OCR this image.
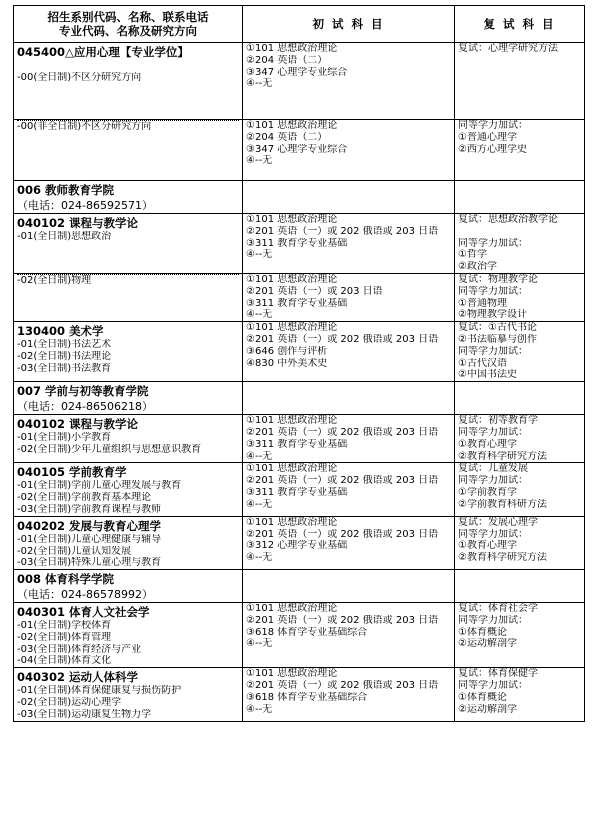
招生系别代码、名称、联系电话
专业代码、名称及研究方向	初 试 科 目	复 试 科 目

045400△应用心理【专业学位】

-00(全日制)不区分研究方向	①101 思想政治理论
②204 英语（二）
③347 心理学专业综合
④--无	复试：心理学研究方法

-00(非全日制)不区分研究方向	①101 思想政治理论
②204 英语（二）
③347 心理学专业综合
④--无	同等学力加试：
①普通心理学
②西方心理学史

006 教师教育学院
（电话：024-86592571）		

040102 课程与教学论
-01(全日制)思想政治	①101 思想政治理论
②201 英语（一）或 202 俄语或 203 日语
③311 教育学专业基础
④--无	复试：思想政治教学论

同等学力加试：
①哲学
②政治学

-02(全日制)物理	①101 思想政治理论
②201 英语（一）或 203 日语
③311 教育学专业基础
④--无	复试：物理教学论
同等学力加试：
①普通物理
②物理教学设计

130400 美术学
-01(全日制)书法艺术
-02(全日制)书法理论
-03(全日制)书法教育	①101 思想政治理论
②201 英语（一）或 202 俄语或 203 日语
③646 创作与评析
④830 中外美术史	复试：①古代书论
②书法临摹与创作
同等学力加试：
①古代汉语
②中国书法史

007 学前与初等教育学院
（电话：024-86506218）		

040102 课程与教学论
-01(全日制)小学教育
-02(全日制)少年儿童组织与思想意识教育	①101 思想政治理论
②201 英语（一）或 202 俄语或 203 日语
③311 教育学专业基础
④--无	复试：初等教育学
同等学力加试：
①教育心理学
②教育科学研究方法

040105 学前教育学
-01(全日制)学前儿童心理发展与教育
-02(全日制)学前教育基本理论
-03(全日制)学前教育课程与教师	①101 思想政治理论
②201 英语（一）或 202 俄语或 203 日语
③311 教育学专业基础
④--无	复试：儿童发展
同等学力加试：
①学前教育学
②学前教育科研方法

040202 发展与教育心理学
-01(全日制)儿童心理健康与辅导
-02(全日制)儿童认知发展
-03(全日制)特殊儿童心理与教育	①101 思想政治理论
②201 英语（一）或 202 俄语或 203 日语
③312 心理学专业基础
④--无	复试：发展心理学
同等学力加试：
①教育心理学
②教育科学研究方法

008 体育科学学院
（电话：024-86578992）		

040301 体育人文社会学
-01(全日制)学校体育
-02(全日制)体育管理
-03(全日制)体育经济与产业
-04(全日制)体育文化	①101 思想政治理论
②201 英语（一）或 202 俄语或 203 日语
③618 体育学专业基础综合
④--无	复试：体育社会学
同等学力加试：
①体育概论
②运动解剖学

040302 运动人体科学
-01(全日制)体育保健康复与损伤防护
-02(全日制)运动心理学
-03(全日制)运动康复生物力学	①101 思想政治理论
②201 英语（一）或 202 俄语或 203 日语
③618 体育学专业基础综合
④--无	复试：体育保健学
同等学力加试：
①体育概论
②运动解剖学
